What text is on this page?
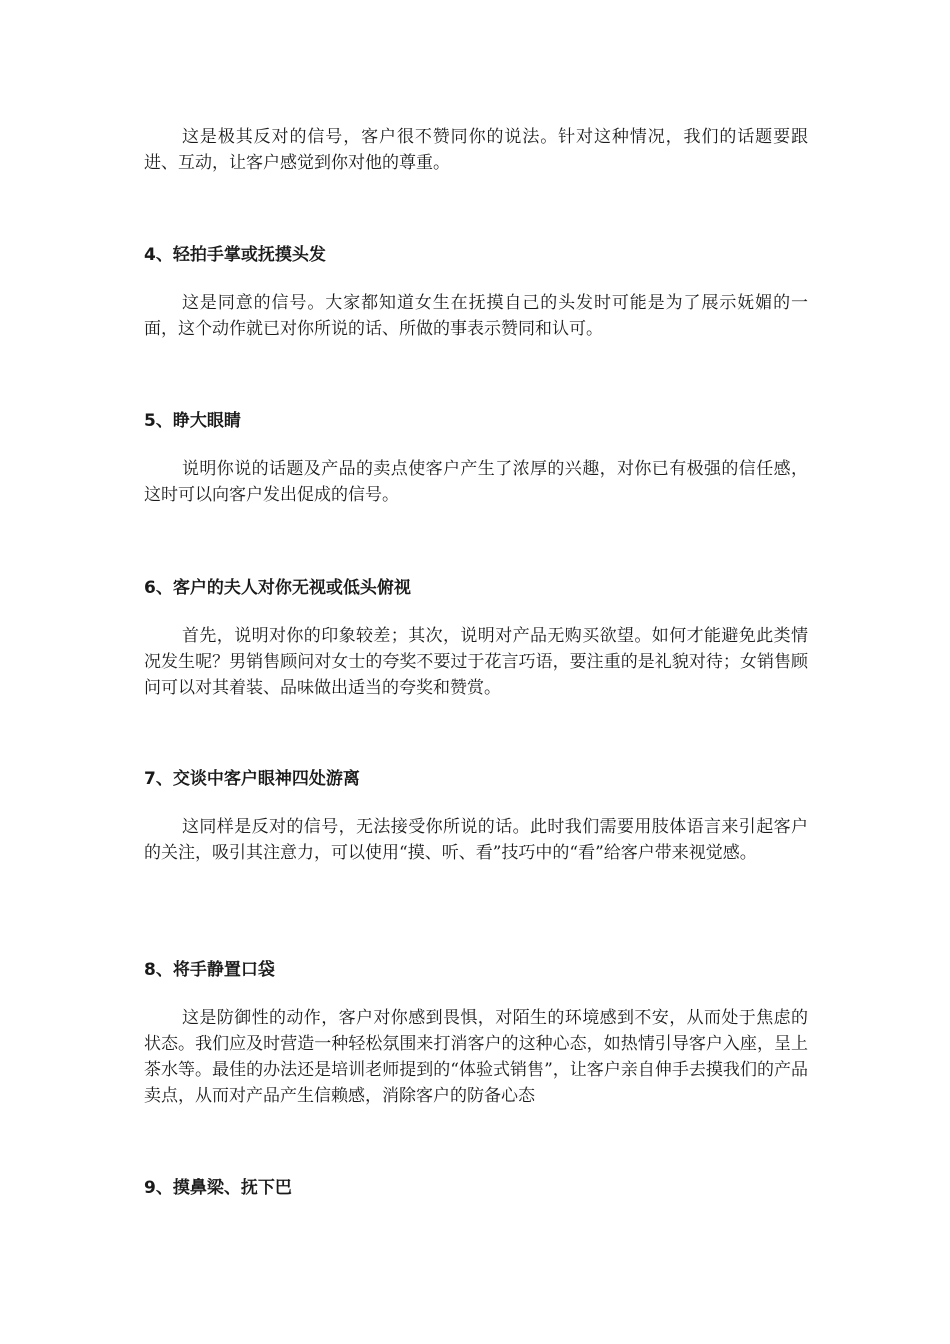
这是极其反对的信号，客户很不赞同你的说法。针对这种情况，我们的话题要跟进、互动，让客户感觉到你对他的尊重。

4、轻拍手掌或抚摸头发

这是同意的信号。大家都知道女生在抚摸自己的头发时可能是为了展示妩媚的一面，这个动作就已对你所说的话、所做的事表示赞同和认可。

5、睁大眼睛

说明你说的话题及产品的卖点使客户产生了浓厚的兴趣，对你已有极强的信任感，这时可以向客户发出促成的信号。

6、客户的夫人对你无视或低头俯视

首先，说明对你的印象较差；其次，说明对产品无购买欲望。如何才能避免此类情况发生呢？男销售顾问对女士的夸奖不要过于花言巧语，要注重的是礼貌对待；女销售顾问可以对其着装、品味做出适当的夸奖和赞赏。

7、交谈中客户眼神四处游离

这同样是反对的信号，无法接受你所说的话。此时我们需要用肢体语言来引起客户的关注，吸引其注意力，可以使用“摸、听、看”技巧中的“看”给客户带来视觉感。

8、将手静置口袋

这是防御性的动作，客户对你感到畏惧，对陌生的环境感到不安，从而处于焦虑的状态。我们应及时营造一种轻松氛围来打消客户的这种心态，如热情引导客户入座，呈上茶水等。最佳的办法还是培训老师提到的“体验式销售”，让客户亲自伸手去摸我们的产品卖点，从而对产品产生信赖感，消除客户的防备心态

9、摸鼻梁、抚下巴
